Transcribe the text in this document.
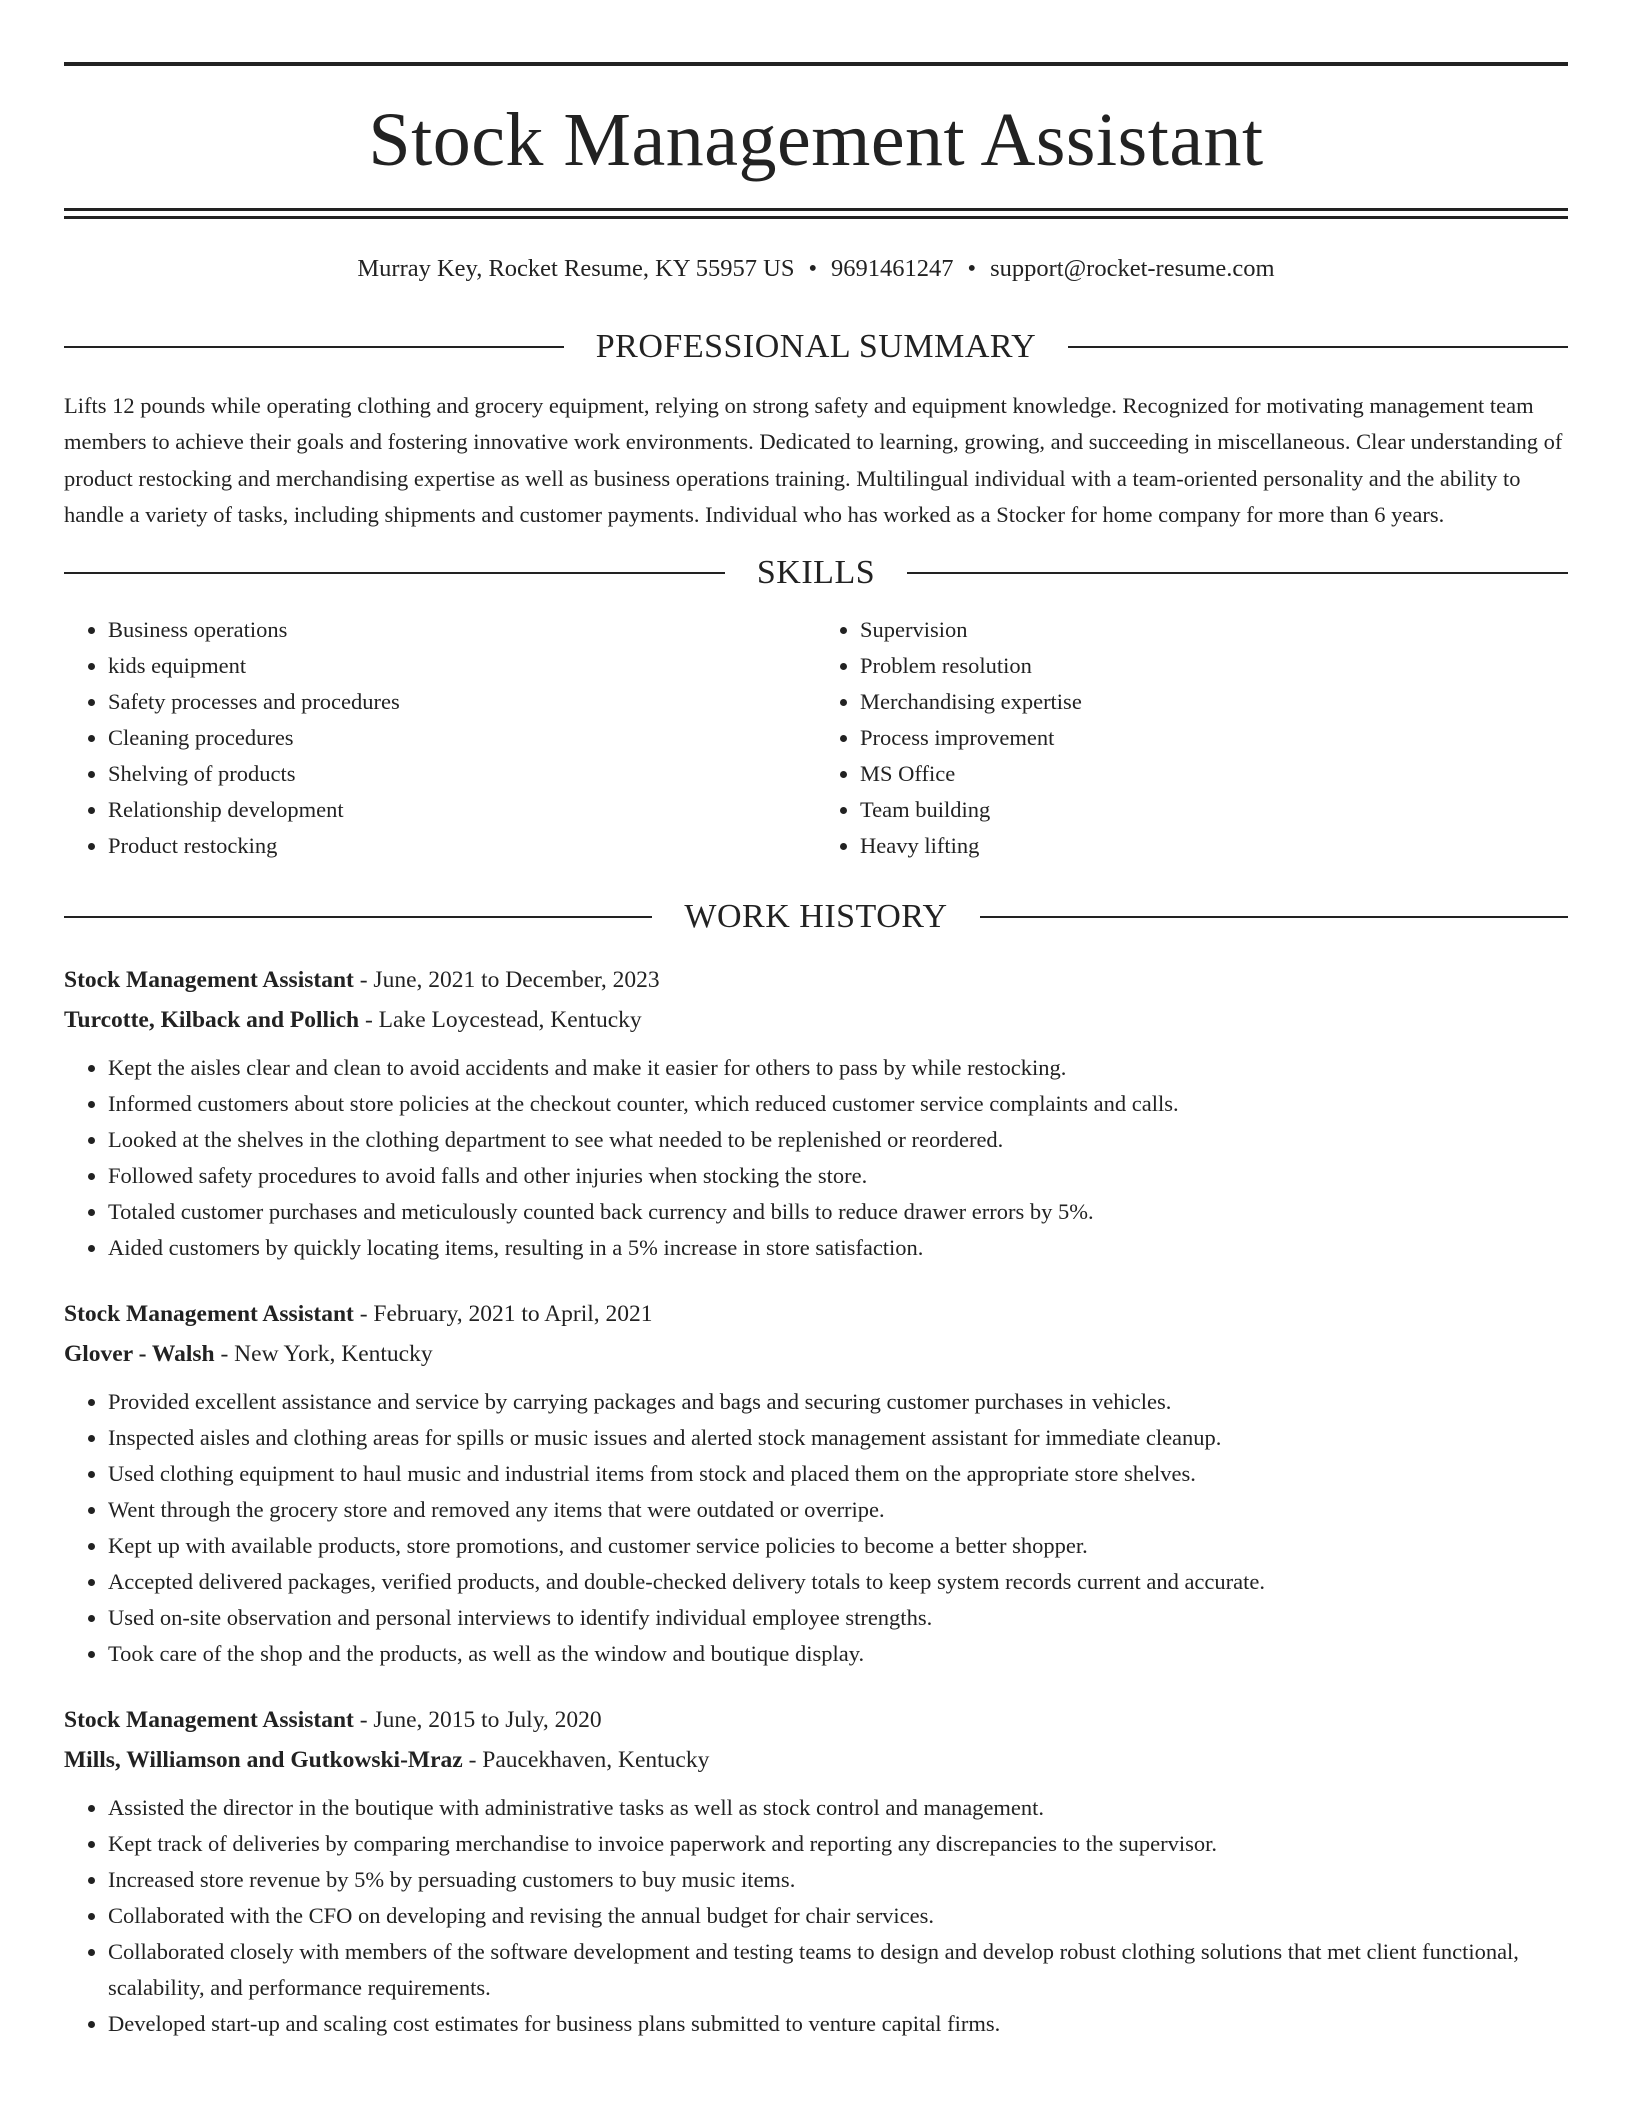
Stock Management Assistant
Murray Key, Rocket Resume, KY 55957 US • 9691461247 • support@rocket-resume.com
PROFESSIONAL SUMMARY

Lifts 12 pounds while operating clothing and grocery equipment, relying on strong safety and equipment knowledge. Recognized for motivating management team members to achieve their goals and fostering innovative work environments. Dedicated to learning, growing, and succeeding in miscellaneous. Clear understanding of product restocking and merchandising expertise as well as business operations training. Multilingual individual with a team-oriented personality and the ability to handle a variety of tasks, including shipments and customer payments. Individual who has worked as a Stocker for home company for more than 6 years.

SKILLS
• Business operations
• kids equipment
• Safety processes and procedures
• Cleaning procedures
• Shelving of products
• Relationship development
• Product restocking
• Supervision
• Problem resolution
• Merchandising expertise
• Process improvement
• MS Office
• Team building
• Heavy lifting
WORK HISTORY
Stock Management Assistant - June, 2021 to December, 2023
Turcotte, Kilback and Pollich - Lake Loycestead, Kentucky
• Kept the aisles clear and clean to avoid accidents and make it easier for others to pass by while restocking.
• Informed customers about store policies at the checkout counter, which reduced customer service complaints and calls.
• Looked at the shelves in the clothing department to see what needed to be replenished or reordered.
• Followed safety procedures to avoid falls and other injuries when stocking the store.
• Totaled customer purchases and meticulously counted back currency and bills to reduce drawer errors by 5%.
• Aided customers by quickly locating items, resulting in a 5% increase in store satisfaction.
Stock Management Assistant - February, 2021 to April, 2021
Glover - Walsh - New York, Kentucky
• Provided excellent assistance and service by carrying packages and bags and securing customer purchases in vehicles.
• Inspected aisles and clothing areas for spills or music issues and alerted stock management assistant for immediate cleanup.
• Used clothing equipment to haul music and industrial items from stock and placed them on the appropriate store shelves.
• Went through the grocery store and removed any items that were outdated or overripe.
• Kept up with available products, store promotions, and customer service policies to become a better shopper.
• Accepted delivered packages, verified products, and double-checked delivery totals to keep system records current and accurate.
• Used on-site observation and personal interviews to identify individual employee strengths.
• Took care of the shop and the products, as well as the window and boutique display.
Stock Management Assistant - June, 2015 to July, 2020
Mills, Williamson and Gutkowski-Mraz - Paucekhaven, Kentucky
• Assisted the director in the boutique with administrative tasks as well as stock control and management.
• Kept track of deliveries by comparing merchandise to invoice paperwork and reporting any discrepancies to the supervisor.
• Increased store revenue by 5% by persuading customers to buy music items.
• Collaborated with the CFO on developing and revising the annual budget for chair services.
• Collaborated closely with members of the software development and testing teams to design and develop robust clothing solutions that met client functional, scalability, and performance requirements.
• Developed start-up and scaling cost estimates for business plans submitted to venture capital firms.
